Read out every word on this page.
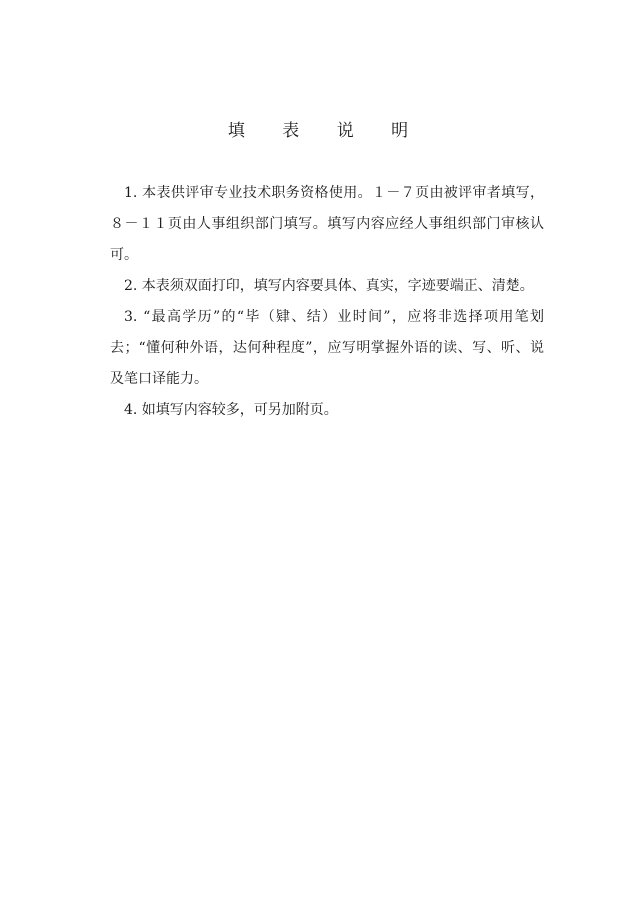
填 表 说 明

1. 本表供评审专业技术职务资格使用。１－７页由被评审者填写，８－１１页由人事组织部门填写。填写内容应经人事组织部门审核认可。

2. 本表须双面打印，填写内容要具体、真实，字迹要端正、清楚。

3. “最高学历”的“毕（肄、结）业时间”，应将非选择项用笔划去；“懂何种外语，达何种程度”，应写明掌握外语的读、写、听、说及笔口译能力。

4. 如填写内容较多，可另加附页。
